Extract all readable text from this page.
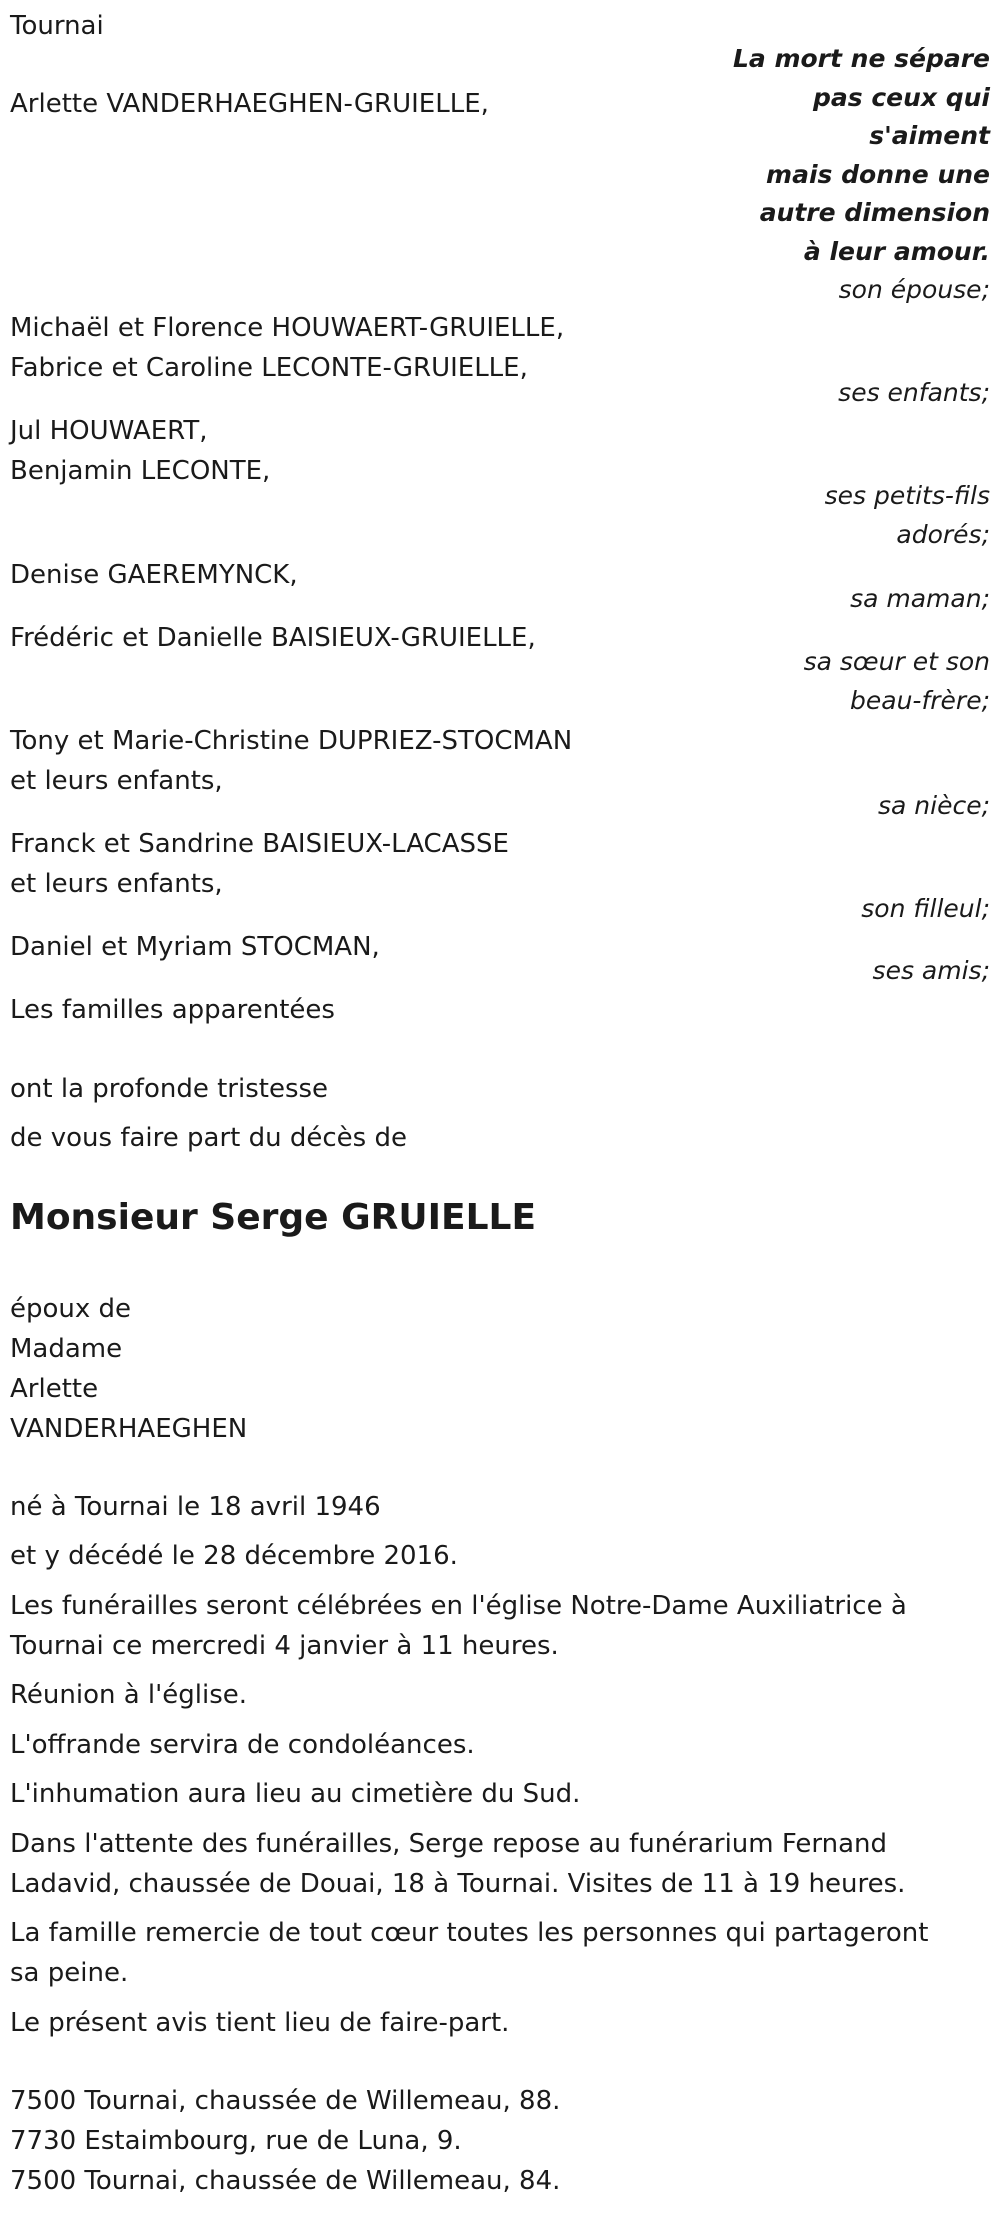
Tournai
La mort ne sépare
pas ceux qui
s'aiment
mais donne une
autre dimension
à leur amour.
Arlette VANDERHAEGHEN-GRUIELLE,
son épouse;
Michaël et Florence HOUWAERT-GRUIELLE,
Fabrice et Caroline LECONTE-GRUIELLE,
ses enfants;
Jul HOUWAERT,
Benjamin LECONTE,
ses petits-fils
adorés;
Denise GAEREMYNCK,
sa maman;
Frédéric et Danielle BAISIEUX-GRUIELLE,
sa sœur et son
beau-frère;
Tony et Marie-Christine DUPRIEZ-STOCMAN
et leurs enfants,
sa nièce;
Franck et Sandrine BAISIEUX-LACASSE
et leurs enfants,
son filleul;
Daniel et Myriam STOCMAN,
ses amis;
Les familles apparentées
ont la profonde tristesse
de vous faire part du décès de
Monsieur Serge GRUIELLE
époux de
Madame
Arlette
VANDERHAEGHEN
né à Tournai le 18 avril 1946
et y décédé le 28 décembre 2016.
Les funérailles seront célébrées en l'église Notre-Dame Auxiliatrice à
Tournai ce mercredi 4 janvier à 11 heures.
Réunion à l'église.
L'offrande servira de condoléances.
L'inhumation aura lieu au cimetière du Sud.
Dans l'attente des funérailles, Serge repose au funérarium Fernand
Ladavid, chaussée de Douai, 18 à Tournai. Visites de 11 à 19 heures.
La famille remercie de tout cœur toutes les personnes qui partageront
sa peine.
Le présent avis tient lieu de faire-part.
7500 Tournai, chaussée de Willemeau, 88.
7730 Estaimbourg, rue de Luna, 9.
7500 Tournai, chaussée de Willemeau, 84.
